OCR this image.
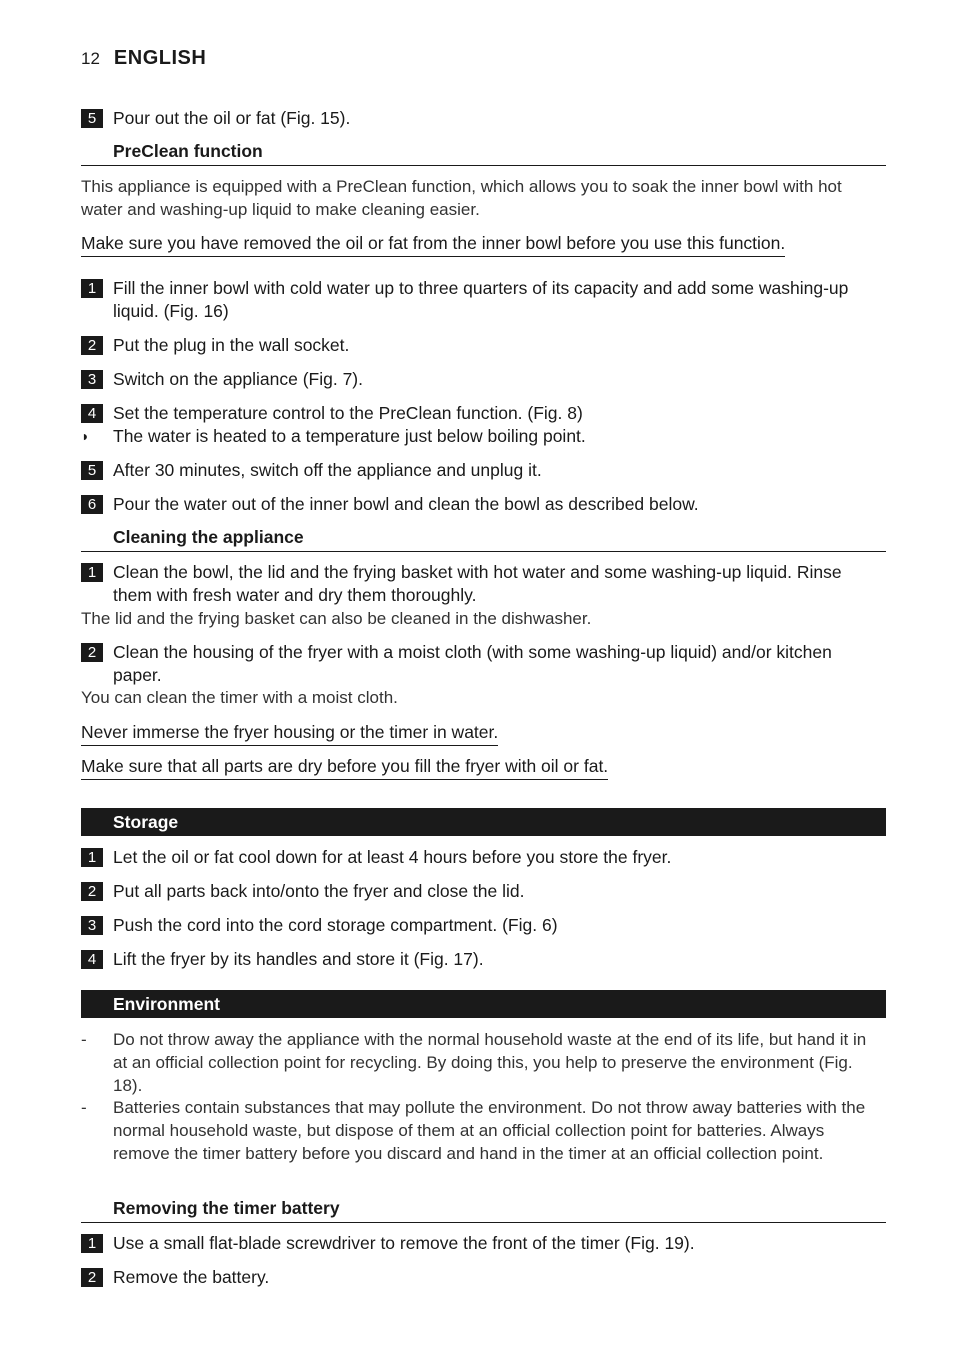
12 ENGLISH
5 Pour out the oil or fat (Fig. 15).
PreClean function
This appliance is equipped with a PreClean function, which allows you to soak the inner bowl with hot water and washing-up liquid to make cleaning easier.
Make sure you have removed the oil or fat from the inner bowl before you use this function.
1 Fill the inner bowl with cold water up to three quarters of its capacity and add some washing-up liquid. (Fig. 16)
2 Put the plug in the wall socket.
3 Switch on the appliance (Fig. 7).
4 Set the temperature control to the PreClean function. (Fig. 8)
◗ The water is heated to a temperature just below boiling point.
5 After 30 minutes, switch off the appliance and unplug it.
6 Pour the water out of the inner bowl and clean the bowl as described below.
Cleaning the appliance
1 Clean the bowl, the lid and the frying basket with hot water and some washing-up liquid. Rinse them with fresh water and dry them thoroughly.
The lid and the frying basket can also be cleaned in the dishwasher.
2 Clean the housing of the fryer with a moist cloth (with some washing-up liquid) and/or kitchen paper.
You can clean the timer with a moist cloth.
Never immerse the fryer housing or the timer in water.
Make sure that all parts are dry before you fill the fryer with oil or fat.
Storage
1 Let the oil or fat cool down for at least 4 hours before you store the fryer.
2 Put all parts back into/onto the fryer and close the lid.
3 Push the cord into the cord storage compartment. (Fig. 6)
4 Lift the fryer by its handles and store it (Fig. 17).
Environment
- Do not throw away the appliance with the normal household waste at the end of its life, but hand it in at an official collection point for recycling. By doing this, you help to preserve the environment (Fig. 18).
- Batteries contain substances that may pollute the environment. Do not throw away batteries with the normal household waste, but dispose of them at an official collection point for batteries. Always remove the timer battery before you discard and hand in the timer at an official collection point.
Removing the timer battery
1 Use a small flat-blade screwdriver to remove the front of the timer (Fig. 19).
2 Remove the battery.
